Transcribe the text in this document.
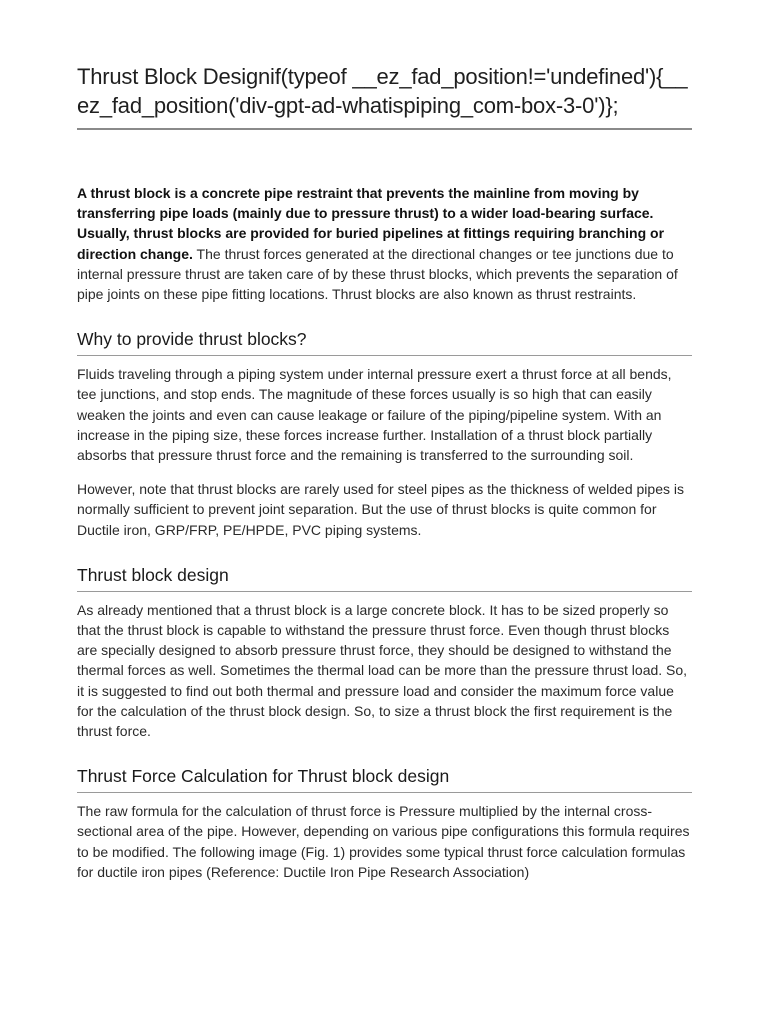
Thrust Block Designif(typeof __ez_fad_position!='undefined'){__ez_fad_position('div-gpt-ad-whatispiping_com-box-3-0')};

A thrust block is a concrete pipe restraint that prevents the mainline from moving by transferring pipe loads (mainly due to pressure thrust) to a wider load-bearing surface. Usually, thrust blocks are provided for buried pipelines at fittings requiring branching or direction change. The thrust forces generated at the directional changes or tee junctions due to internal pressure thrust are taken care of by these thrust blocks, which prevents the separation of pipe joints on these pipe fitting locations. Thrust blocks are also known as thrust restraints.

Why to provide thrust blocks?

Fluids traveling through a piping system under internal pressure exert a thrust force at all bends, tee junctions, and stop ends. The magnitude of these forces usually is so high that can easily weaken the joints and even can cause leakage or failure of the piping/pipeline system. With an increase in the piping size, these forces increase further. Installation of a thrust block partially absorbs that pressure thrust force and the remaining is transferred to the surrounding soil.

However, note that thrust blocks are rarely used for steel pipes as the thickness of welded pipes is normally sufficient to prevent joint separation. But the use of thrust blocks is quite common for Ductile iron, GRP/FRP, PE/HPDE, PVC piping systems.

Thrust block design

As already mentioned that a thrust block is a large concrete block. It has to be sized properly so that the thrust block is capable to withstand the pressure thrust force. Even though thrust blocks are specially designed to absorb pressure thrust force, they should be designed to withstand the thermal forces as well. Sometimes the thermal load can be more than the pressure thrust load. So, it is suggested to find out both thermal and pressure load and consider the maximum force value for the calculation of the thrust block design. So, to size a thrust block the first requirement is the thrust force.

Thrust Force Calculation for Thrust block design

The raw formula for the calculation of thrust force is Pressure multiplied by the internal cross-sectional area of the pipe. However, depending on various pipe configurations this formula requires to be modified. The following image (Fig. 1) provides some typical thrust force calculation formulas for ductile iron pipes (Reference: Ductile Iron Pipe Research Association)
